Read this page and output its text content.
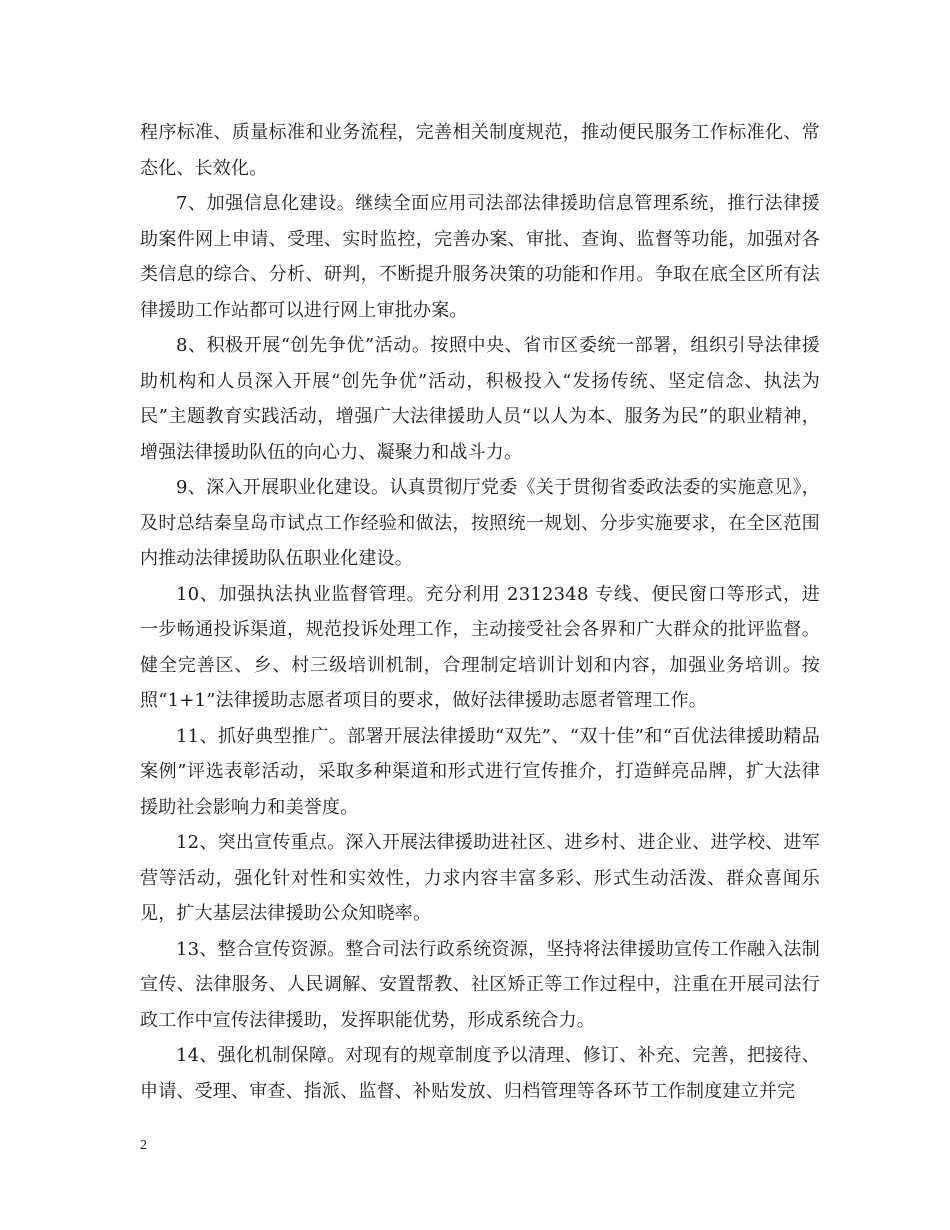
程序标准、质量标准和业务流程，完善相关制度规范，推动便民服务工作标准化、常态化、长效化。
7、加强信息化建设。继续全面应用司法部法律援助信息管理系统，推行法律援助案件网上申请、受理、实时监控，完善办案、审批、查询、监督等功能，加强对各类信息的综合、分析、研判，不断提升服务决策的功能和作用。争取在底全区所有法律援助工作站都可以进行网上审批办案。
8、积极开展“创先争优”活动。按照中央、省市区委统一部署，组织引导法律援助机构和人员深入开展“创先争优”活动，积极投入“发扬传统、坚定信念、执法为民”主题教育实践活动，增强广大法律援助人员“以人为本、服务为民”的职业精神，增强法律援助队伍的向心力、凝聚力和战斗力。
9、深入开展职业化建设。认真贯彻厅党委《关于贯彻省委政法委的实施意见》，及时总结秦皇岛市试点工作经验和做法，按照统一规划、分步实施要求，在全区范围内推动法律援助队伍职业化建设。
10、加强执法执业监督管理。充分利用 2312348 专线、便民窗口等形式，进一步畅通投诉渠道，规范投诉处理工作，主动接受社会各界和广大群众的批评监督。健全完善区、乡、村三级培训机制，合理制定培训计划和内容，加强业务培训。按照“1+1”法律援助志愿者项目的要求，做好法律援助志愿者管理工作。
11、抓好典型推广。部署开展法律援助“双先”、“双十佳”和“百优法律援助精品案例”评选表彰活动，采取多种渠道和形式进行宣传推介，打造鲜亮品牌，扩大法律援助社会影响力和美誉度。
12、突出宣传重点。深入开展法律援助进社区、进乡村、进企业、进学校、进军营等活动，强化针对性和实效性，力求内容丰富多彩、形式生动活泼、群众喜闻乐见，扩大基层法律援助公众知晓率。
13、整合宣传资源。整合司法行政系统资源，坚持将法律援助宣传工作融入法制宣传、法律服务、人民调解、安置帮教、社区矫正等工作过程中，注重在开展司法行政工作中宣传法律援助，发挥职能优势，形成系统合力。
14、强化机制保障。对现有的规章制度予以清理、修订、补充、完善，把接待、申请、受理、审查、指派、监督、补贴发放、归档管理等各环节工作制度建立并完
2
